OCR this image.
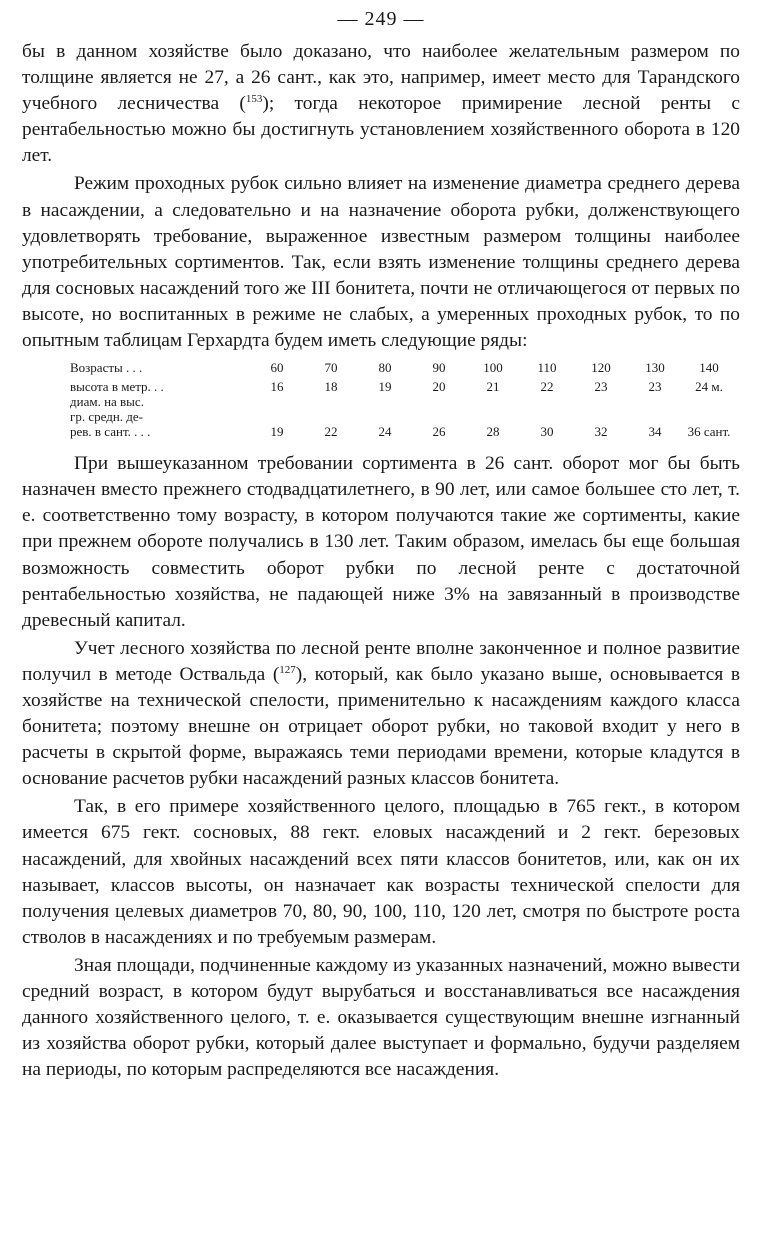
— 249 —

бы в данном хозяйстве было доказано, что наиболее желательным размером по толщине является не 27, а 26 сант., как это, например, имеет место для Тарандского учебного лесничества ($^{153}$); тогда некоторое примирение лесной ренты с рентабельностью можно бы достигнуть установлением хозяйственного оборота в 120 лет.

Режим проходных рубок сильно влияет на изменение диаметра среднего дерева в насаждении, а следовательно и на назначение оборота рубки, долженствующего удовлетворять требование, выраженное известным размером толщины наиболее употребительных сортиментов. Так, если взять изменение толщины среднего дерева для сосновых насаждений того же III бонитета, почти не отличающегося от первых по высоте, но воспитанных в режиме не слабых, а умеренных проходных рубок, то по опытным таблицам Герхардта будем иметь следующие ряды:

Возрасты . . .	60	70	80	90	100	110	120	130	140
высота в метр. . .	16	18	19	20	21	22	23	23	24 м.
диам. на выс.									
гр. средн. де-									
рев. в сант. . . .	19	22	24	26	28	30	32	34	36 сант.

При вышеуказанном требовании сортимента в 26 сант. оборот мог бы быть назначен вместо прежнего стодвадцатилетнего, в 90 лет, или самое большее сто лет, т. е. соответственно тому возрасту, в котором получаются такие же сортименты, какие при прежнем обороте получались в 130 лет. Таким образом, имелась бы еще большая возможность совместить оборот рубки по лесной ренте с достаточной рентабельностью хозяйства, не падающей ниже 3% на завязанный в производстве древесный капитал.

Учет лесного хозяйства по лесной ренте вполне законченное и полное развитие получил в методе Оствальда ($^{127}$), который, как было указано выше, основывается в хозяйстве на технической спелости, применительно к насаждениям каждого класса бонитета; поэтому внешне он отрицает оборот рубки, но таковой входит у него в расчеты в скрытой форме, выражаясь теми периодами времени, которые кладутся в основание расчетов рубки насаждений разных классов бонитета.

Так, в его примере хозяйственного целого, площадью в 765 гект., в котором имеется 675 гект. сосновых, 88 гект. еловых насаждений и 2 гект. березовых насаждений, для хвойных насаждений всех пяти классов бонитетов, или, как он их называет, классов высоты, он назначает как возрасты технической спелости для получения целевых диаметров 70, 80, 90, 100, 110, 120 лет, смотря по быстроте роста стволов в насаждениях и по требуемым размерам.

Зная площади, подчиненные каждому из указанных назначений, можно вывести средний возраст, в котором будут вырубаться и восстанавливаться все насаждения данного хозяйственного целого, т. е. оказывается существующим внешне изгнанный из хозяйства оборот рубки, который далее выступает и формально, будучи разделяем на периоды, по которым распределяются все насаждения.
